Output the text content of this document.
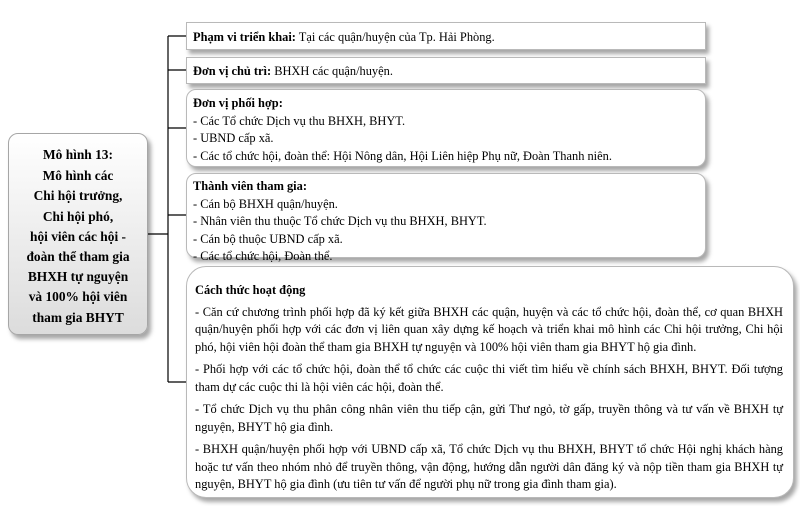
Mô hình 13:
Mô hình các
Chi hội trưởng,
Chi hội phó,
hội viên các hội -
đoàn thể tham gia
BHXH tự nguyện
và 100% hội viên
tham gia BHYT
Phạm vi triển khai: Tại các quận/huyện của Tp. Hải Phòng.
Đơn vị chủ trì: BHXH các quận/huyện.
Đơn vị phối hợp:
- Các Tổ chức Dịch vụ thu BHXH, BHYT.
- UBND cấp xã.
- Các tổ chức hội, đoàn thể: Hội Nông dân, Hội Liên hiệp Phụ nữ, Đoàn Thanh niên.
Thành viên tham gia:
- Cán bộ BHXH quận/huyện.
- Nhân viên thu thuộc Tổ chức Dịch vụ thu BHXH, BHYT.
- Cán bộ thuộc UBND cấp xã.
- Các tổ chức hội, Đoàn thể.

Cách thức hoạt động

- Căn cứ chương trình phối hợp đã ký kết giữa BHXH các quận, huyện và các tổ chức hội, đoàn thể, cơ quan BHXH quận/huyện phối hợp với các đơn vị liên quan xây dựng kế hoạch và triển khai mô hình các Chi hội trưởng, Chi hội phó, hội viên hội đoàn thể tham gia BHXH tự nguyện và 100% hội viên tham gia BHYT hộ gia đình.

- Phối hợp với các tổ chức hội, đoàn thể tổ chức các cuộc thi viết tìm hiểu về chính sách BHXH, BHYT. Đối tượng tham dự các cuộc thi là hội viên các hội, đoàn thể.

- Tổ chức Dịch vụ thu phân công nhân viên thu tiếp cận, gửi Thư ngỏ, tờ gấp, truyền thông và tư vấn về BHXH tự nguyện, BHYT hộ gia đình.

- BHXH quận/huyện phối hợp với UBND cấp xã, Tổ chức Dịch vụ thu BHXH, BHYT tổ chức Hội nghị khách hàng hoặc tư vấn theo nhóm nhỏ để truyền thông, vận động, hướng dẫn người dân đăng ký và nộp tiền tham gia BHXH tự nguyện, BHYT hộ gia đình (ưu tiên tư vấn để người phụ nữ trong gia đình tham gia).
